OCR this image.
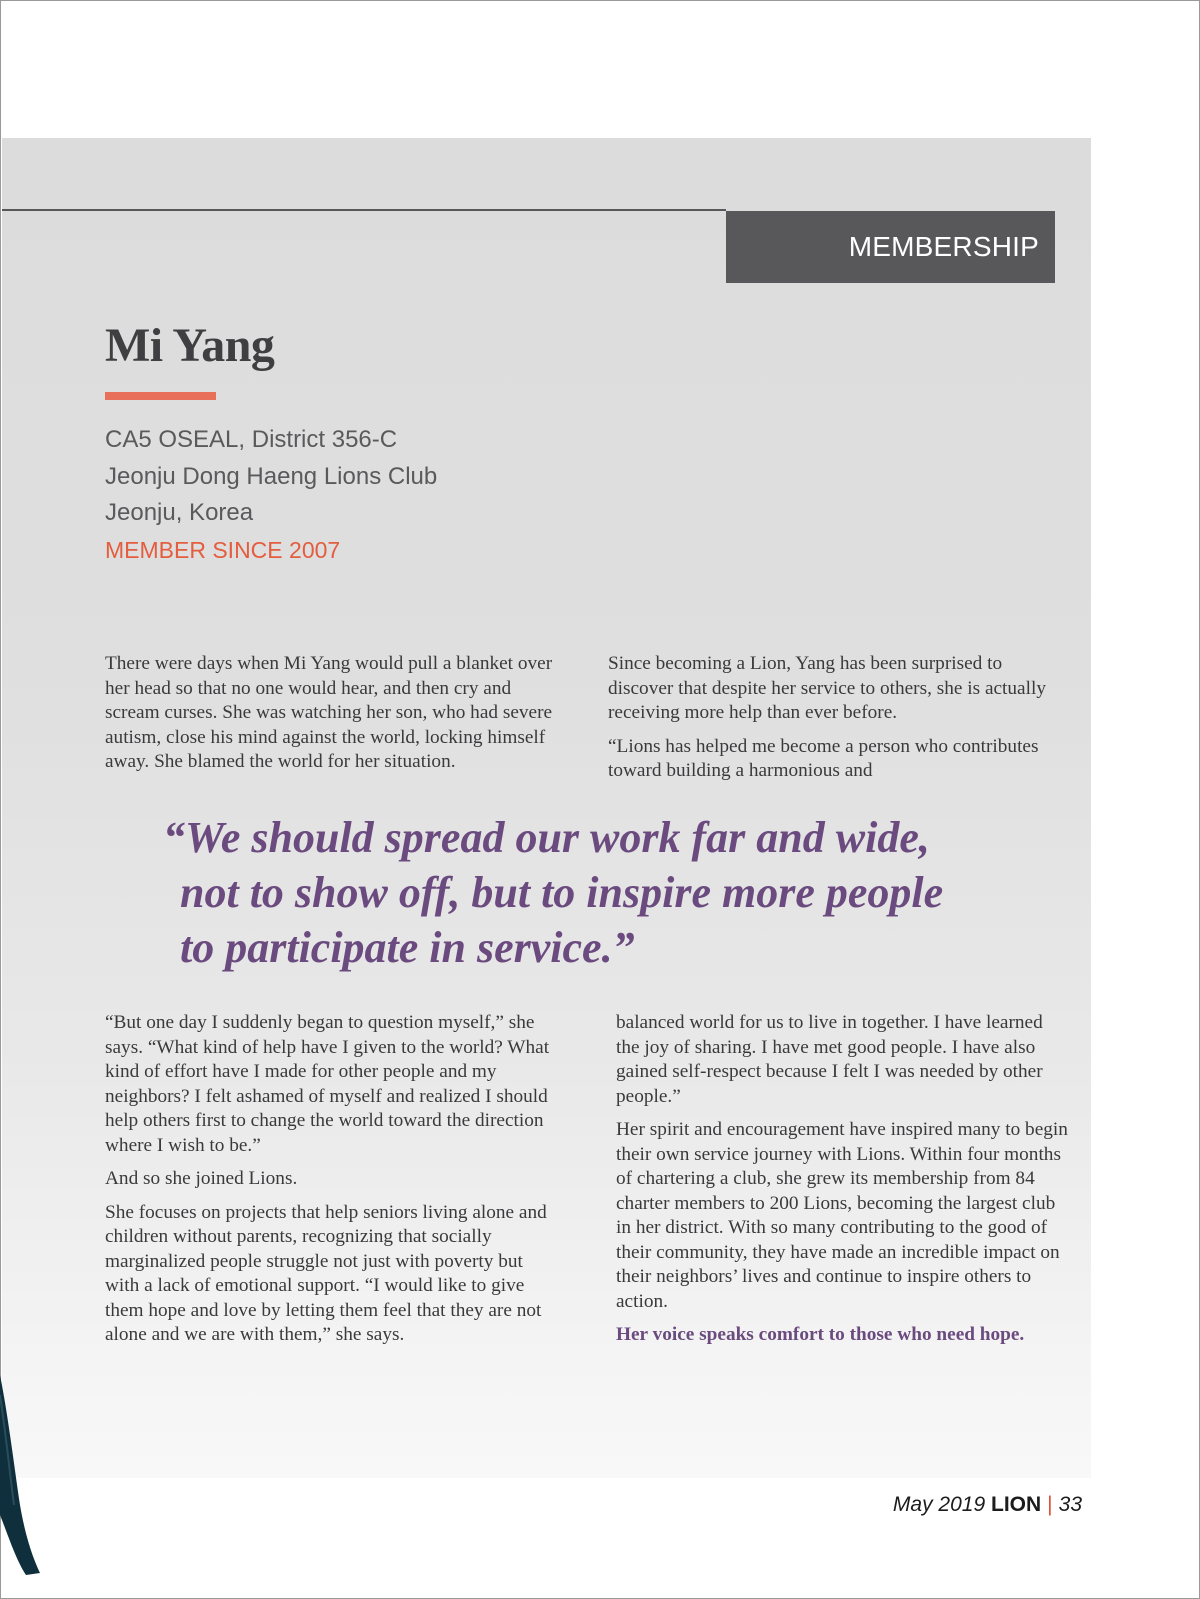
MEMBERSHIP
Mi Yang
CA5 OSEAL, District 356-C
Jeonju Dong Haeng Lions Club
Jeonju, Korea
MEMBER SINCE 2007

There were days when Mi Yang would pull a blanket over her head so that no one would hear, and then cry and scream curses. She was watching her son, who had severe autism, close his mind against the world, locking himself away. She blamed the world for her situation.

Since becoming a Lion, Yang has been surprised to discover that despite her service to others, she is actually receiving more help than ever before.

“Lions has helped me become a person who contributes toward building a harmonious and

“We should spread our work far and wide,
not to show off, but to inspire more people
to participate in service.”

“But one day I suddenly began to question myself,” she says. “What kind of help have I given to the world? What kind of effort have I made for other people and my neighbors? I felt ashamed of myself and realized I should help others first to change the world toward the direction where I wish to be.”

And so she joined Lions.

She focuses on projects that help seniors living alone and children without parents, recognizing that socially marginalized people struggle not just with poverty but with a lack of emotional support. “I would like to give them hope and love by letting them feel that they are not alone and we are with them,” she says.

balanced world for us to live in together. I have learned the joy of sharing. I have met good people. I have also gained self-respect because I felt I was needed by other people.”

Her spirit and encouragement have inspired many to begin their own service journey with Lions. Within four months of chartering a club, she grew its membership from 84 charter members to 200 Lions, becoming the largest club in her district. With so many contributing to the good of their community, they have made an incredible impact on their neighbors’ lives and continue to inspire others to action.

Her voice speaks comfort to those who need hope.

May 2019 LION | 33
